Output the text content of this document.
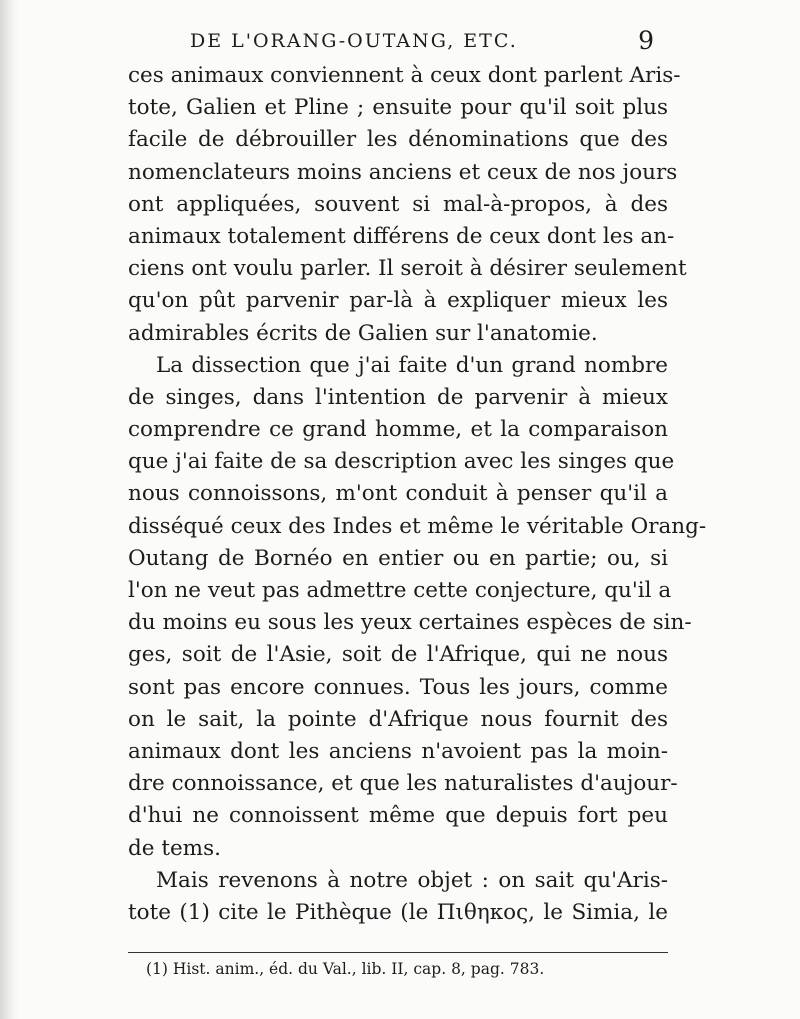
DE L'ORANG-OUTANG, ETC.	9
ces animaux conviennent à ceux dont parlent Aris-
tote, Galien et Pline ; ensuite pour qu'il soit plus
facile de débrouiller les dénominations que des
nomenclateurs moins anciens et ceux de nos jours
ont appliquées, souvent si mal-à-propos, à des
animaux totalement différens de ceux dont les an-
ciens ont voulu parler. Il seroit à désirer seulement
qu'on pût parvenir par-là à expliquer mieux les
admirables écrits de Galien sur l'anatomie.
La dissection que j'ai faite d'un grand nombre
de singes, dans l'intention de parvenir à mieux
comprendre ce grand homme, et la comparaison
que j'ai faite de sa description avec les singes que
nous connoissons, m'ont conduit à penser qu'il a
disséqué ceux des Indes et même le véritable Orang-
Outang de Bornéo en entier ou en partie; ou, si
l'on ne veut pas admettre cette conjecture, qu'il a
du moins eu sous les yeux certaines espèces de sin-
ges, soit de l'Asie, soit de l'Afrique, qui ne nous
sont pas encore connues. Tous les jours, comme
on le sait, la pointe d'Afrique nous fournit des
animaux dont les anciens n'avoient pas la moin-
dre connoissance, et que les naturalistes d'aujour-
d'hui ne connoissent même que depuis fort peu
de tems.
Mais revenons à notre objet : on sait qu'Aris-
tote (1) cite le Pithèque (le Πιθηκος, le Simia, le
(1) Hist. anim., éd. du Val., lib. II, cap. 8, pag. 783.
